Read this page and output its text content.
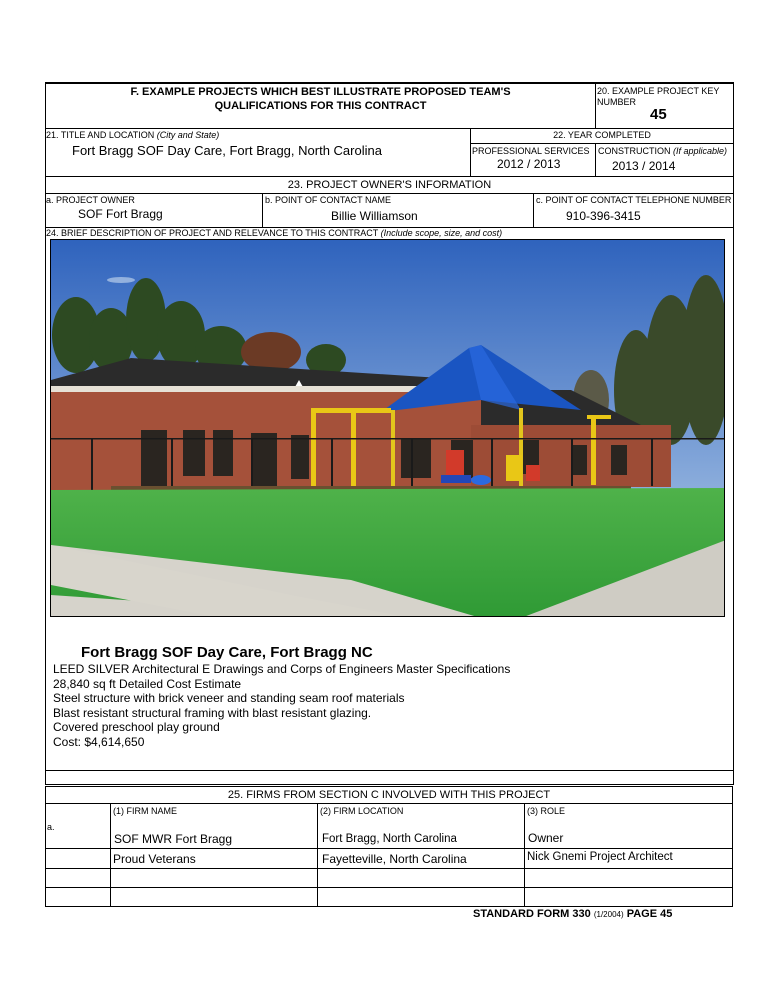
F. EXAMPLE PROJECTS WHICH BEST ILLUSTRATE PROPOSED TEAM'S
QUALIFICATIONS FOR THIS CONTRACT
20. EXAMPLE PROJECT KEY
NUMBER
45
21. TITLE AND LOCATION (City and State)
Fort Bragg SOF Day Care, Fort Bragg, North Carolina
22. YEAR COMPLETED
PROFESSIONAL SERVICES
2012 / 2013
CONSTRUCTION (If applicable)
2013 / 2014
23. PROJECT OWNER'S INFORMATION
a. PROJECT OWNER
SOF Fort Bragg
b. POINT OF CONTACT NAME
Billie Williamson
c. POINT OF CONTACT TELEPHONE NUMBER
910-396-3415
24. BRIEF DESCRIPTION OF PROJECT AND RELEVANCE TO THIS CONTRACT (Include scope, size, and cost)
Fort Bragg SOF Day Care, Fort Bragg NC
LEED SILVER Architectural E Drawings and Corps of Engineers Master Specifications
28,840 sq ft Detailed Cost Estimate
Steel structure with brick veneer and standing seam roof materials
Blast resistant structural framing with blast resistant glazing.
Covered preschool play ground
Cost: $4,614,650
25. FIRMS FROM SECTION C INVOLVED WITH THIS PROJECT
a.
(1) FIRM NAME	(2) FIRM LOCATION	(3) ROLE
SOF MWR Fort Bragg	Fort Bragg, North Carolina	Owner
Proud Veterans	Fayetteville, North Carolina	Nick Gnemi Project Architect
STANDARD FORM 330 (1/2004) PAGE 45
